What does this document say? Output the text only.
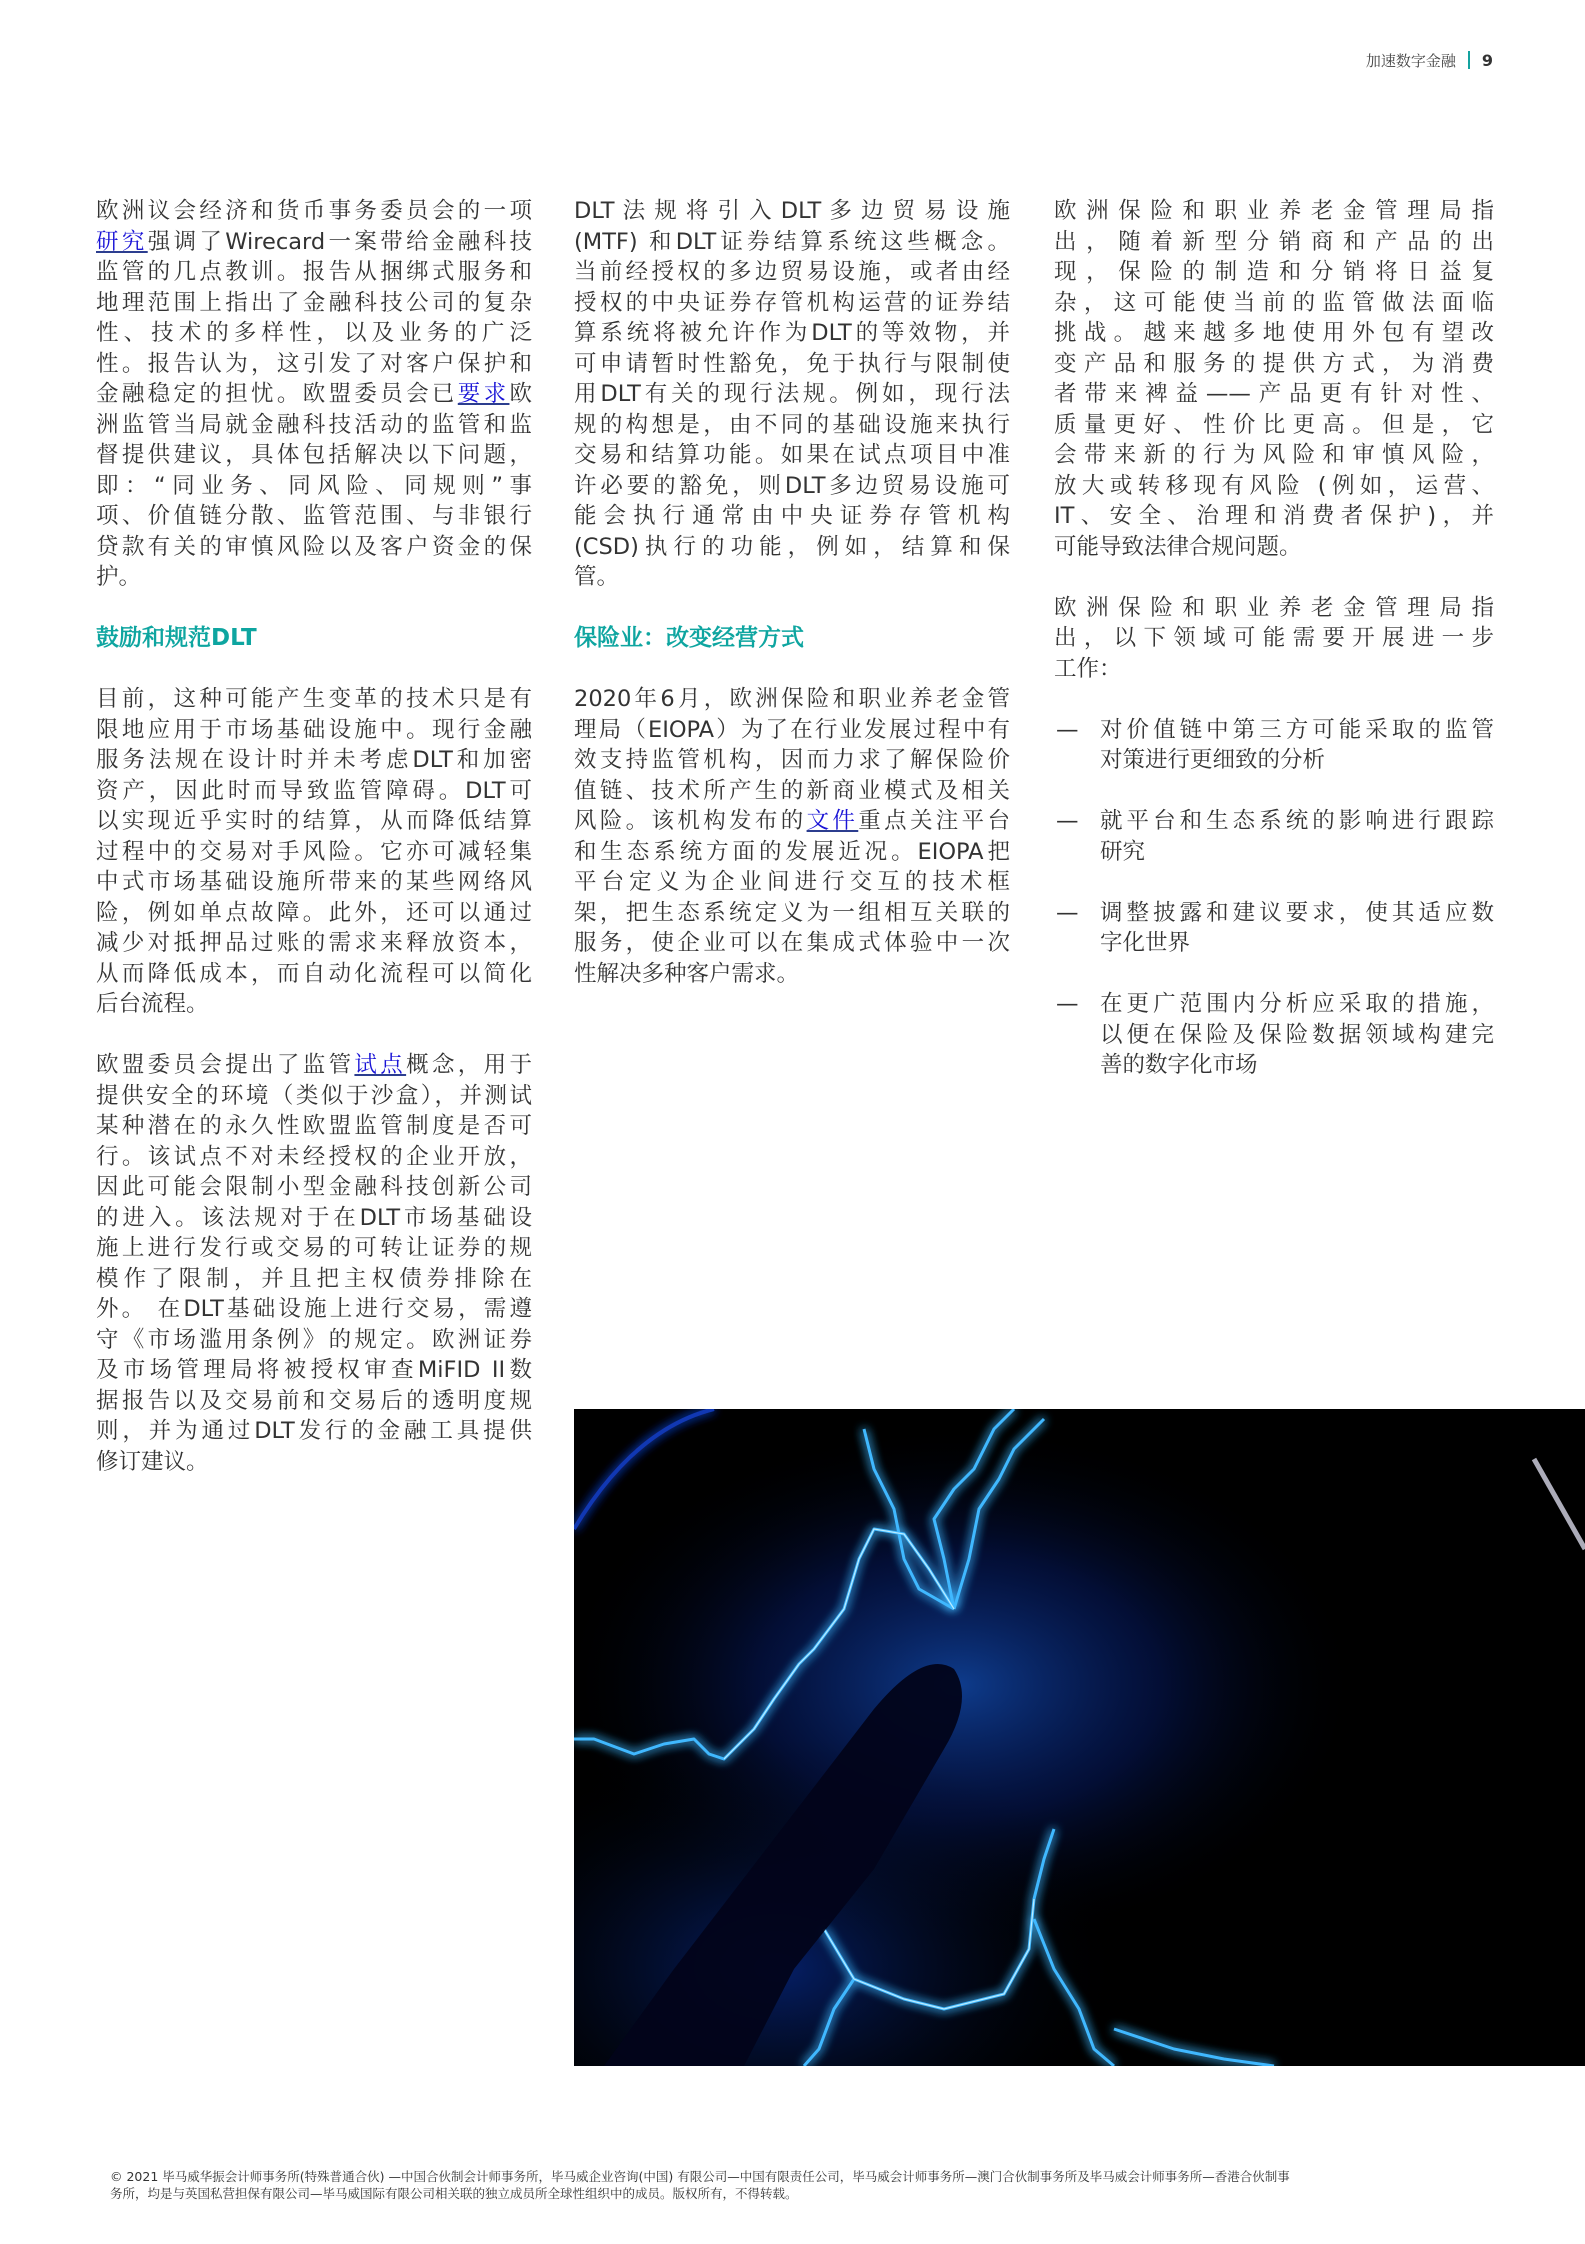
加速数字金融 9
欧洲议会经济和货币事务委员会的一项
研究强调了Wirecard一案带给金融科技
监管的几点教训。报告从捆绑式服务和
地理范围上指出了金融科技公司的复杂
性、技术的多样性，以及业务的广泛
性。报告认为，这引发了对客户保护和
金融稳定的担忧。欧盟委员会已要求欧
洲监管当局就金融科技活动的监管和监
督提供建议，具体包括解决以下问题，
即：“同业务、同风险、同规则”事
项、价值链分散、监管范围、与非银行
贷款有关的审慎风险以及客户资金的保
护。
鼓励和规范DLT
目前，这种可能产生变革的技术只是有
限地应用于市场基础设施中。现行金融
服务法规在设计时并未考虑DLT和加密
资产，因此时而导致监管障碍。DLT可
以实现近乎实时的结算，从而降低结算
过程中的交易对手风险。它亦可减轻集
中式市场基础设施所带来的某些网络风
险，例如单点故障。此外，还可以通过
减少对抵押品过账的需求来释放资本，
从而降低成本，而自动化流程可以简化
后台流程。
欧盟委员会提出了监管试点概念，用于
提供安全的环境（类似于沙盒），并测试
某种潜在的永久性欧盟监管制度是否可
行。该试点不对未经授权的企业开放，
因此可能会限制小型金融科技创新公司
的进入。该法规对于在DLT市场基础设
施上进行发行或交易的可转让证券的规
模作了限制，并且把主权债券排除在
外。 在DLT基础设施上进行交易，需遵
守《市场滥用条例》的规定。欧洲证券
及市场管理局将被授权审查MiFID II数
据报告以及交易前和交易后的透明度规
则，并为通过DLT发行的金融工具提供
修订建议。
DLT 法 规 将 引 入 DLT 多 边 贸 易 设 施
(MTF) 和DLT证券结算系统这些概念。
当前经授权的多边贸易设施，或者由经
授权的中央证券存管机构运营的证券结
算系统将被允许作为DLT的等效物，并
可申请暂时性豁免，免于执行与限制使
用DLT有关的现行法规。例如，现行法
规的构想是，由不同的基础设施来执行
交易和结算功能。如果在试点项目中准
许必要的豁免，则DLT多边贸易设施可
能会执行通常由中央证券存管机构
(CSD)执行的功能，例如，结算和保
管。
保险业：改变经营方式
2020年6月，欧洲保险和职业养老金管
理局（EIOPA）为了在行业发展过程中有
效支持监管机构，因而力求了解保险价
值链、技术所产生的新商业模式及相关
风险。该机构发布的文件重点关注平台
和生态系统方面的发展近况。EIOPA把
平台定义为企业间进行交互的技术框
架，把生态系统定义为一组相互关联的
服务，使企业可以在集成式体验中一次
性解决多种客户需求。
欧洲保险和职业养老金管理局指
出，随着新型分销商和产品的出
现，保险的制造和分销将日益复
杂，这可能使当前的监管做法面临
挑战。越来越多地使用外包有望改
变产品和服务的提供方式，为消费
者带来裨益——产品更有针对性、
质量更好、性价比更高。但是，它
会带来新的行为风险和审慎风险，
放大或转移现有风险 (例如，运营、
IT、安全、治理和消费者保护)，并
可能导致法律合规问题。
欧洲保险和职业养老金管理局指
出，以下领域可能需要开展进一步
工作：
— 对价值链中第三方可能采取的监管
对策进行更细致的分析
— 就平台和生态系统的影响进行跟踪
研究
— 调整披露和建议要求，使其适应数
字化世界
— 在更广范围内分析应采取的措施，
以便在保险及保险数据领域构建完
善的数字化市场
© 2021 毕马威华振会计师事务所(特殊普通合伙) —中国合伙制会计师事务所，毕马威企业咨询(中国) 有限公司—中国有限责任公司，毕马威会计师事务所—澳门合伙制事务所及毕马威会计师事务所—香港合伙制事
务所，均是与英国私营担保有限公司—毕马威国际有限公司相关联的独立成员所全球性组织中的成员。版权所有，不得转载。
